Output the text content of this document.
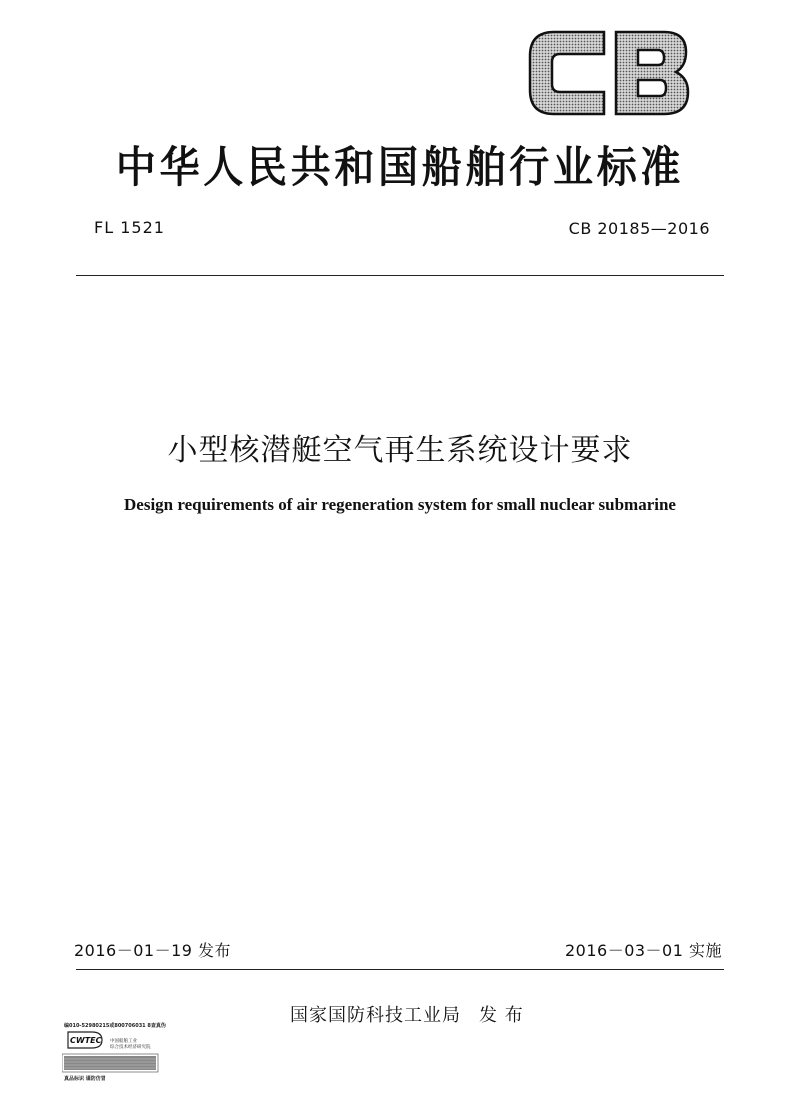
中华人民共和国船舶行业标准
FL 1521	CB 20185—2016
小型核潜艇空气再生系统设计要求
Design requirements of air regeneration system for small nuclear submarine
2016－01－19 发布	2016－03－01 实施
国家国防科技工业局 发 布
编010-52980215或800706031 8查真伪
CWTEC 中国船舶工业
综合技术经济研究院
真品标识 谨防仿冒
